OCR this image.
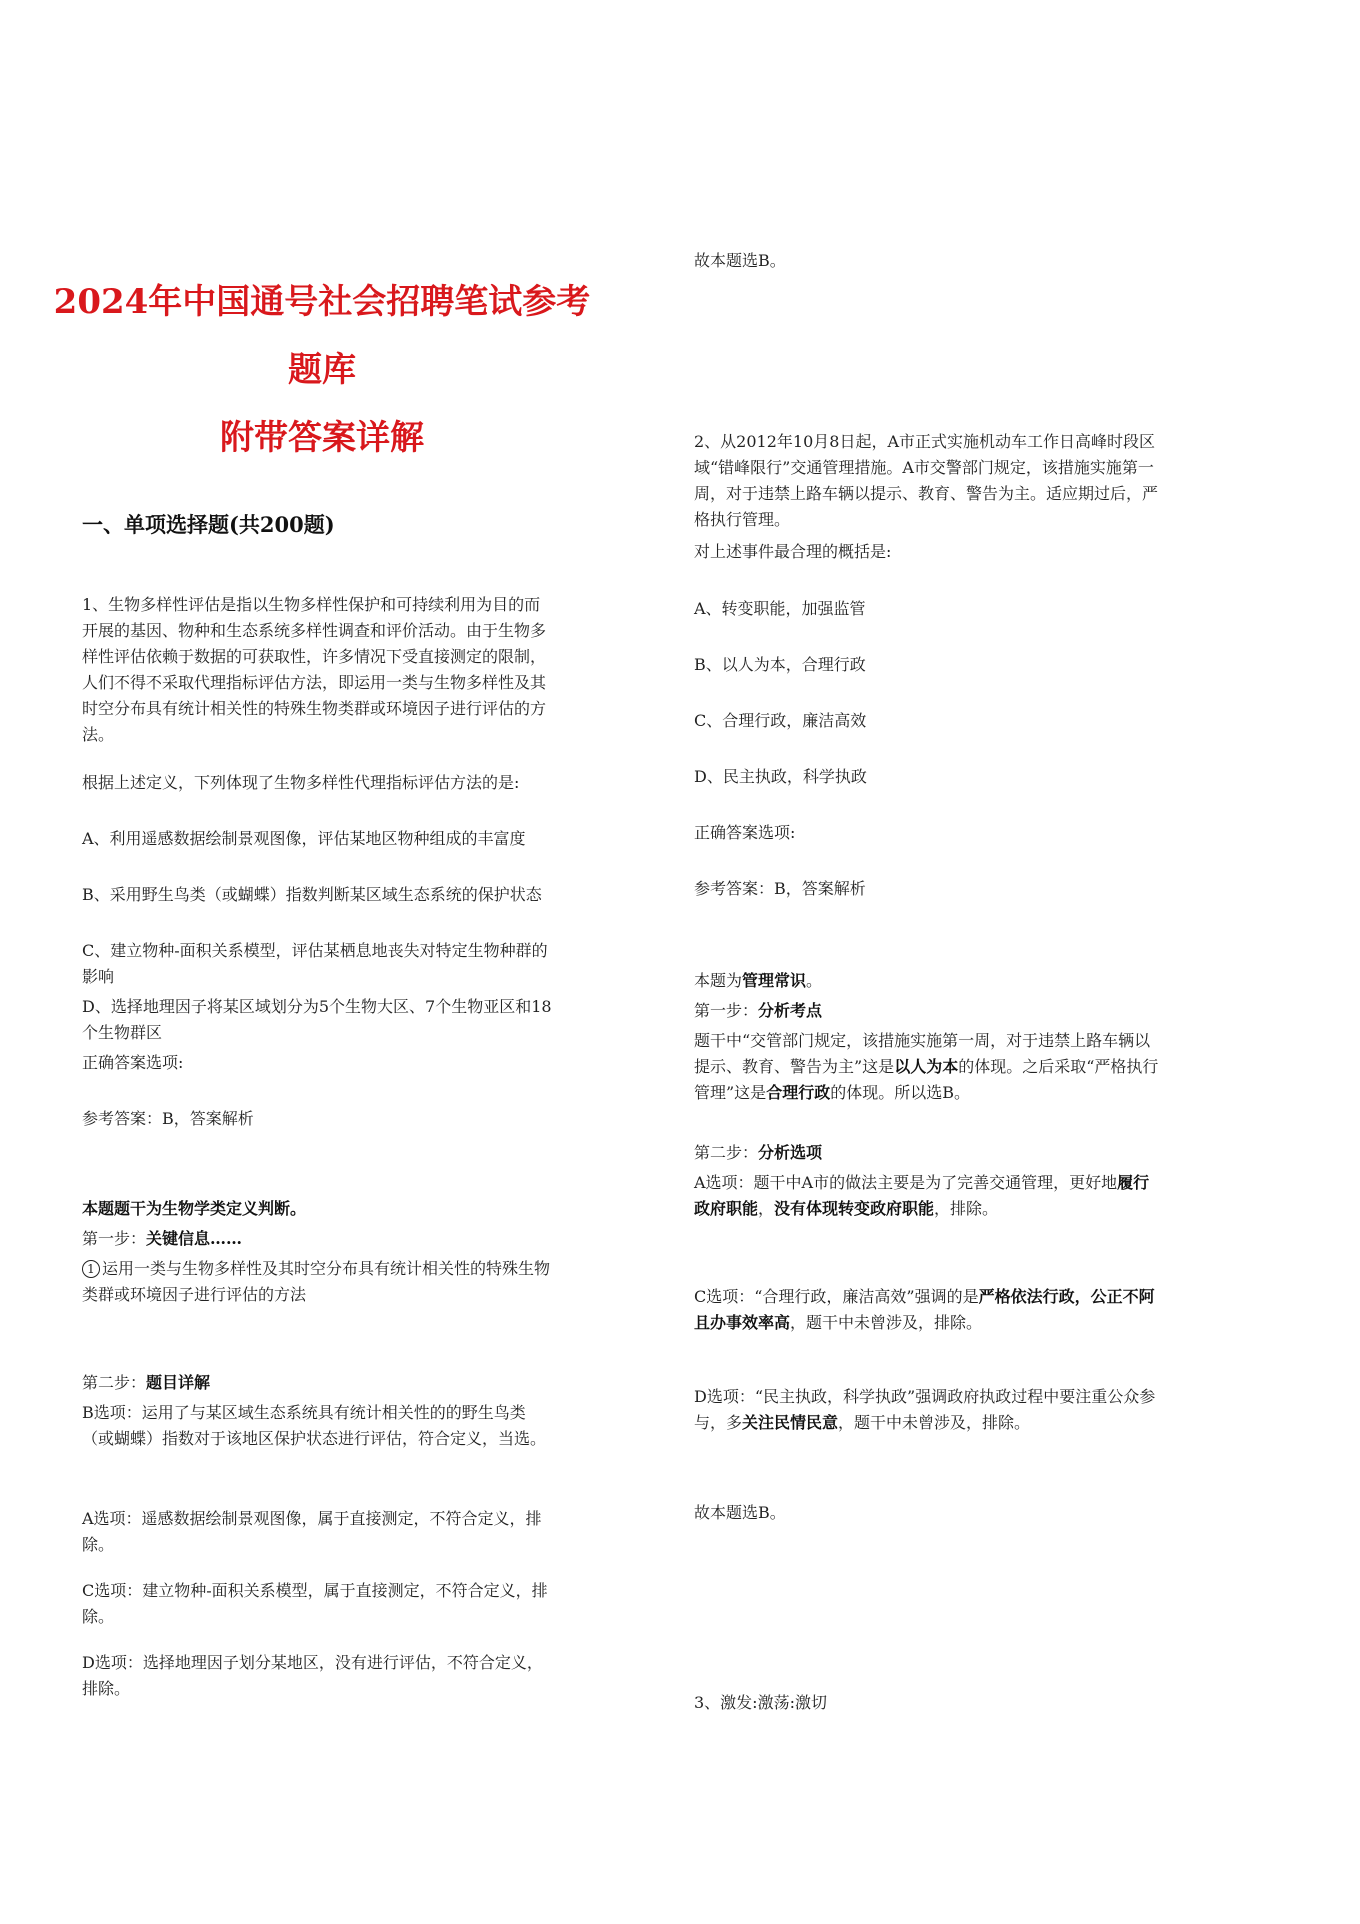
2024年中国通号社会招聘笔试参考题库
附带答案详解
一、单项选择题(共200题)

1、生物多样性评估是指以生物多样性保护和可持续利用为目的而开展的基因、物种和生态系统多样性调查和评价活动。由于生物多样性评估依赖于数据的可获取性，许多情况下受直接测定的限制，人们不得不采取代理指标评估方法，即运用一类与生物多样性及其时空分布具有统计相关性的特殊生物类群或环境因子进行评估的方法。

根据上述定义，下列体现了生物多样性代理指标评估方法的是:

A、利用遥感数据绘制景观图像，评估某地区物种组成的丰富度

B、采用野生鸟类（或蝴蝶）指数判断某区域生态系统的保护状态

C、建立物种-面积关系模型，评估某栖息地丧失对特定生物种群的影响

D、选择地理因子将某区域划分为5个生物大区、7个生物亚区和18个生物群区

正确答案选项:

参考答案：B，答案解析

本题题干为生物学类定义判断。

第一步：关键信息……

1 运用一类与生物多样性及其时空分布具有统计相关性的特殊生物类群或环境因子进行评估的方法

第二步：题目详解

B选项：运用了与某区域生态系统具有统计相关性的的野生鸟类（或蝴蝶）指数对于该地区保护状态进行评估，符合定义，当选。

A选项：遥感数据绘制景观图像，属于直接测定，不符合定义，排除。

C选项：建立物种-面积关系模型，属于直接测定，不符合定义，排除。

D选项：选择地理因子划分某地区，没有进行评估，不符合定义，排除。

故本题选B。

2、从2012年10月8日起，A市正式实施机动车工作日高峰时段区域“错峰限行”交通管理措施。A市交警部门规定，该措施实施第一周，对于违禁上路车辆以提示、教育、警告为主。适应期过后，严格执行管理。

对上述事件最合理的概括是:

A、转变职能，加强监管

B、以人为本，合理行政

C、合理行政，廉洁高效

D、民主执政，科学执政

正确答案选项:

参考答案：B，答案解析

本题为管理常识。

第一步：分析考点

题干中“交管部门规定，该措施实施第一周，对于违禁上路车辆以提示、教育、警告为主”这是以人为本的体现。之后采取“严格执行管理”这是合理行政的体现。所以选B。

第二步：分析选项

A选项：题干中A市的做法主要是为了完善交通管理，更好地履行政府职能，没有体现转变政府职能，排除。

C选项：“合理行政，廉洁高效”强调的是严格依法行政，公正不阿且办事效率高，题干中未曾涉及，排除。

D选项：“民主执政，科学执政”强调政府执政过程中要注重公众参与，多关注民情民意，题干中未曾涉及，排除。

故本题选B。

3、激发:激荡:激切
